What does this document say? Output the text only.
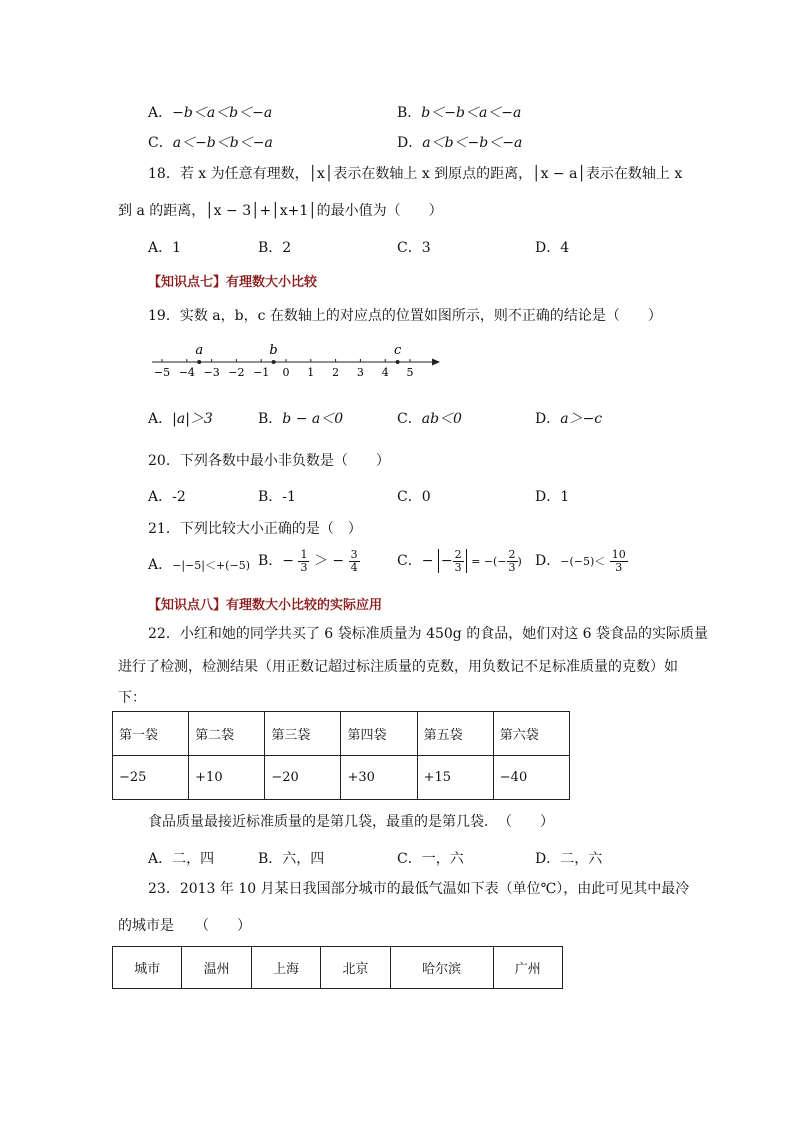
A．−b＜a＜b＜−a	B．b＜−b＜a＜−a
C．a＜−b＜b＜−a	D．a＜b＜−b＜−a
18．若 x 为任意有理数，│x│表示在数轴上 x 到原点的距离，│x − a│表示在数轴上 x
到 a 的距离，│x − 3│+│x+1│的最小值为（　　）
A．1	B．2	C．3	D．4
【知识点七】有理数大小比较
19．实数 a，b，c 在数轴上的对应点的位置如图所示，则不正确的结论是（　　）
−5 −4 −3 −2 −1 0 1 2 3 4 5
a	b	c
A．|a|＞3	B．b − a＜0	C．ab＜0	D．a＞−c
20．下列各数中最小非负数是（　　）
A．-2	B．-1	C．0	D．1
21．下列比较大小正确的是（　）
A．−|−5|＜+(−5) B．− $\frac{1}{3}$ ＞ − $\frac{3}{4}$	C．− − $\frac{2}{3}$ = −(− $\frac{2}{3}$ ) D．$-(-5)< \frac{10}{3}$
【知识点八】有理数大小比较的实际应用
22．小红和她的同学共买了 6 袋标准质量为 450g 的食品，她们对这 6 袋食品的实际质量
进行了检测，检测结果（用正数记超过标注质量的克数，用负数记不足标准质量的克数）如
下：
第一袋	第二袋	第三袋	第四袋	第五袋	第六袋
−25	+10	−20	+30	+15	−40
食品质量最接近标准质量的是第几袋，最重的是第几袋．　（　　）
A．二，四	B．六，四	C．一，六	D．二，六
23．2013 年 10 月某日我国部分城市的最低气温如下表（单位℃），由此可见其中最冷
的城市是　　（　　）
城市	温州	上海	北京	哈尔滨	广州
